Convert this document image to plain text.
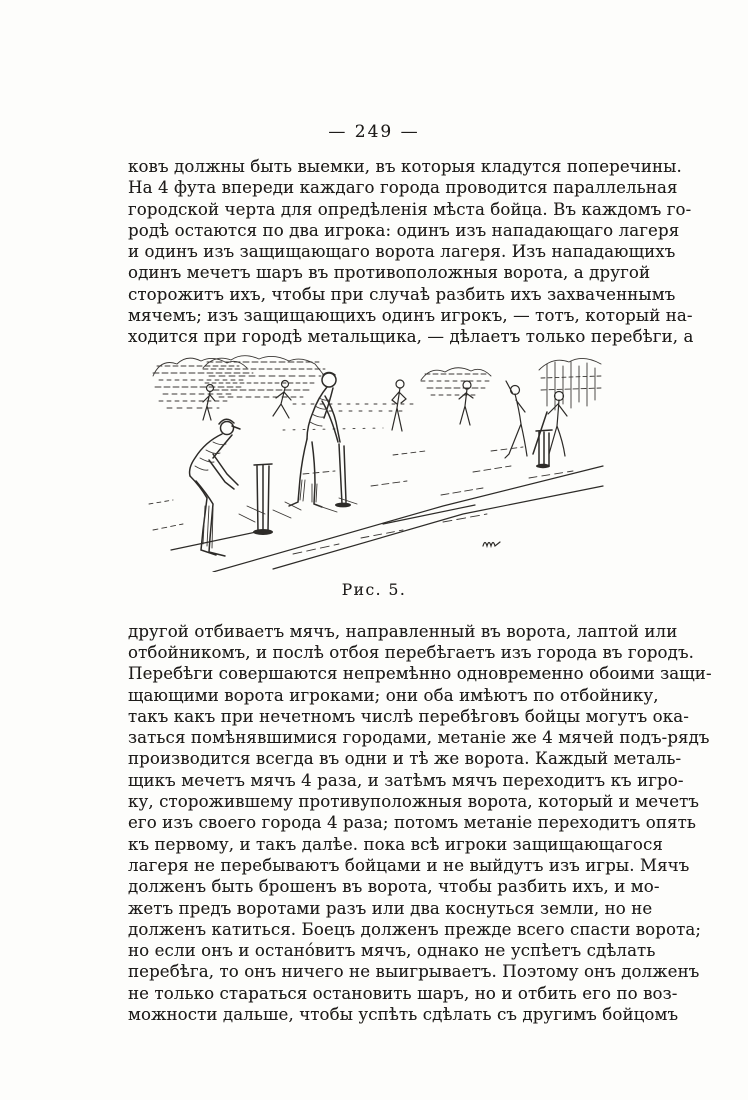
— 249 —
ковъ должны быть выемки, въ которыя кладутся поперечины.
На 4 фута впереди каждаго города проводится параллельная
городской черта для опредѣленія мѣста бойца. Въ каждомъ го-
родѣ остаются по два игрока: одинъ изъ нападающаго лагеря
и одинъ изъ защищающаго ворота лагеря. Изъ нападающихъ
одинъ мечетъ шаръ въ противоположныя ворота, а другой
сторожитъ ихъ, чтобы при случаѣ разбить ихъ захваченнымъ
мячемъ; изъ защищающихъ одинъ игрокъ, — тотъ, который на-
ходится при городѣ метальщика, — дѣлаетъ только перебѣги, а
Рис. 5.
другой отбиваетъ мячъ, направленный въ ворота, лаптой или
отбойникомъ, и послѣ отбоя перебѣгаетъ изъ города въ городъ.
Перебѣги совершаются непремѣнно одновременно обоими защи-
щающими ворота игроками; они оба имѣютъ по отбойнику,
такъ какъ при нечетномъ числѣ перебѣговъ бойцы могутъ ока-
заться помѣнявшимися городами, метаніе же 4 мячей подъ-рядъ
производится всегда въ одни и тѣ же ворота. Каждый металь-
щикъ мечетъ мячъ 4 раза, и затѣмъ мячъ переходитъ къ игро-
ку, сторожившему противуположныя ворота, который и мечетъ
его изъ своего города 4 раза; потомъ метаніе переходитъ опять
къ первому, и такъ далѣе. пока всѣ игроки защищающагося
лагеря не перебываютъ бойцами и не выйдутъ изъ игры. Мячъ
долженъ быть брошенъ въ ворота, чтобы разбить ихъ, и мо-
жетъ предъ воротами разъ или два коснуться земли, но не
долженъ катиться. Боецъ долженъ прежде всего спасти ворота;
но если онъ и остано́витъ мячъ, однако не успѣетъ сдѣлать
перебѣга, то онъ ничего не выигрываетъ. Поэтому онъ долженъ
не только стараться остановить шаръ, но и отбить его по воз-
можности дальше, чтобы успѣть сдѣлать съ другимъ бойцомъ
